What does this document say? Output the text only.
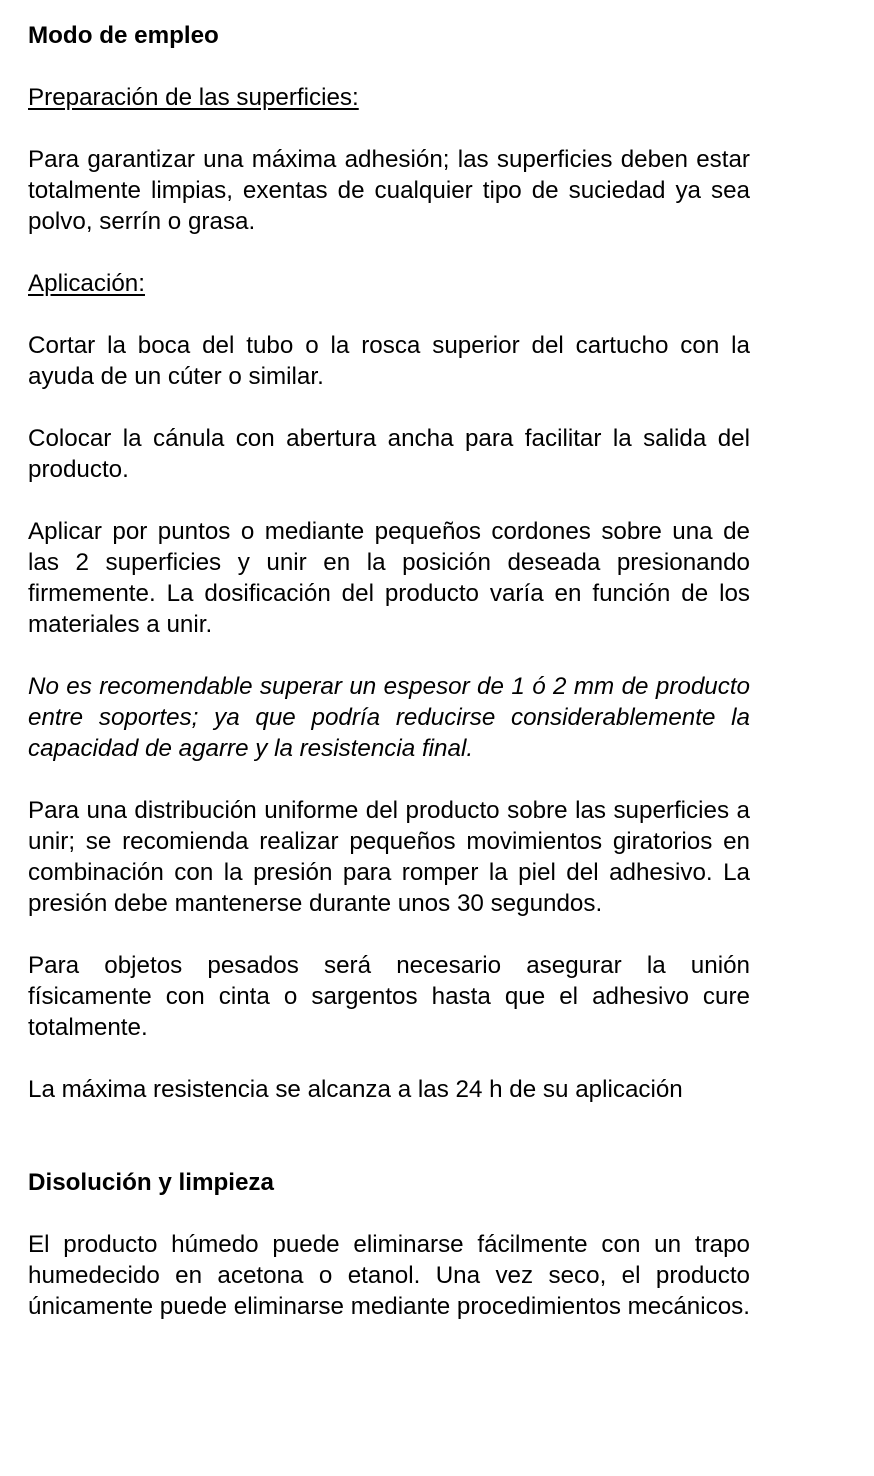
Modo de empleo
Preparación de las superficies:
Para garantizar una máxima adhesión; las superficies deben estar totalmente limpias, exentas de cualquier tipo de suciedad ya sea polvo, serrín o grasa.
Aplicación:
Cortar la boca del tubo o la rosca superior del cartucho con la ayuda de un cúter o similar.
Colocar la cánula con abertura ancha para facilitar la salida del producto.
Aplicar por puntos o mediante pequeños cordones sobre una de las 2 superficies y unir en la posición deseada presionando firmemente. La dosificación del producto varía en función de los materiales a unir.
No es recomendable superar un espesor de 1 ó 2 mm de producto entre soportes; ya que podría reducirse considerablemente la capacidad de agarre y la resistencia final.
Para una distribución uniforme del producto sobre las superficies a unir; se recomienda realizar pequeños movimientos giratorios en combinación con la presión para romper la piel del adhesivo. La presión debe mantenerse durante unos 30 segundos.
Para objetos pesados será necesario asegurar la unión físicamente con cinta o sargentos hasta que el adhesivo cure totalmente.
La máxima resistencia se alcanza a las 24 h de su aplicación
Disolución y limpieza
El producto húmedo puede eliminarse fácilmente con un trapo humedecido en acetona o etanol. Una vez seco, el producto únicamente puede eliminarse mediante procedimientos mecánicos.
